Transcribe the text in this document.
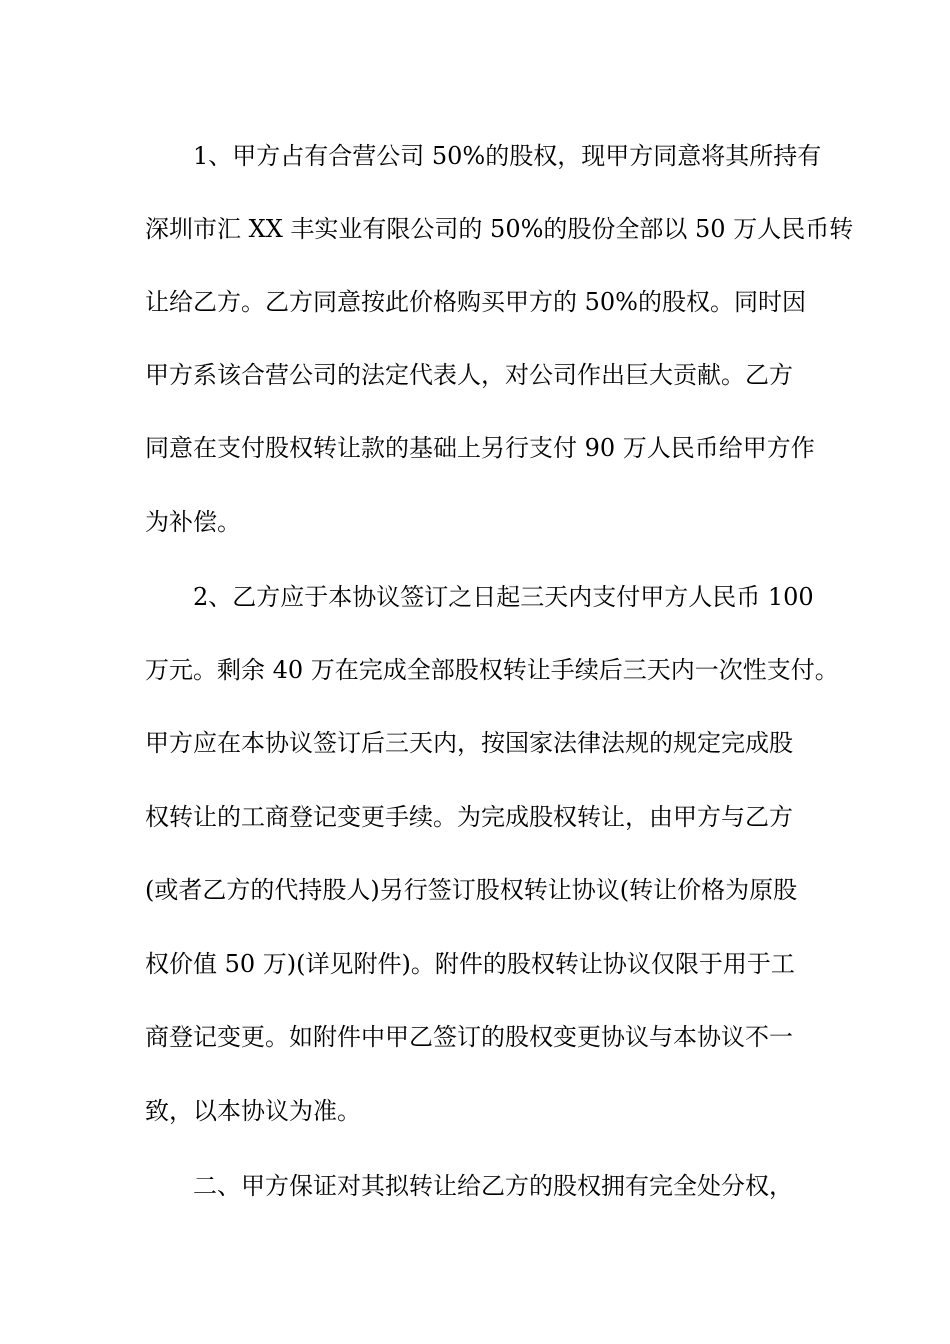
1、甲方占有合营公司 50%的股权，现甲方同意将其所持有
深圳市汇 XX 丰实业有限公司的 50%的股份全部以 50 万人民币转
让给乙方。乙方同意按此价格购买甲方的 50%的股权。同时因
甲方系该合营公司的法定代表人，对公司作出巨大贡献。乙方
同意在支付股权转让款的基础上另行支付 90 万人民币给甲方作
为补偿。
2、乙方应于本协议签订之日起三天内支付甲方人民币 100
万元。剩余 40 万在完成全部股权转让手续后三天内一次性支付。
甲方应在本协议签订后三天内，按国家法律法规的规定完成股
权转让的工商登记变更手续。为完成股权转让，由甲方与乙方
(或者乙方的代持股人)另行签订股权转让协议(转让价格为原股
权价值 50 万)(详见附件)。附件的股权转让协议仅限于用于工
商登记变更。如附件中甲乙签订的股权变更协议与本协议不一
致，以本协议为准。
二、甲方保证对其拟转让给乙方的股权拥有完全处分权，
